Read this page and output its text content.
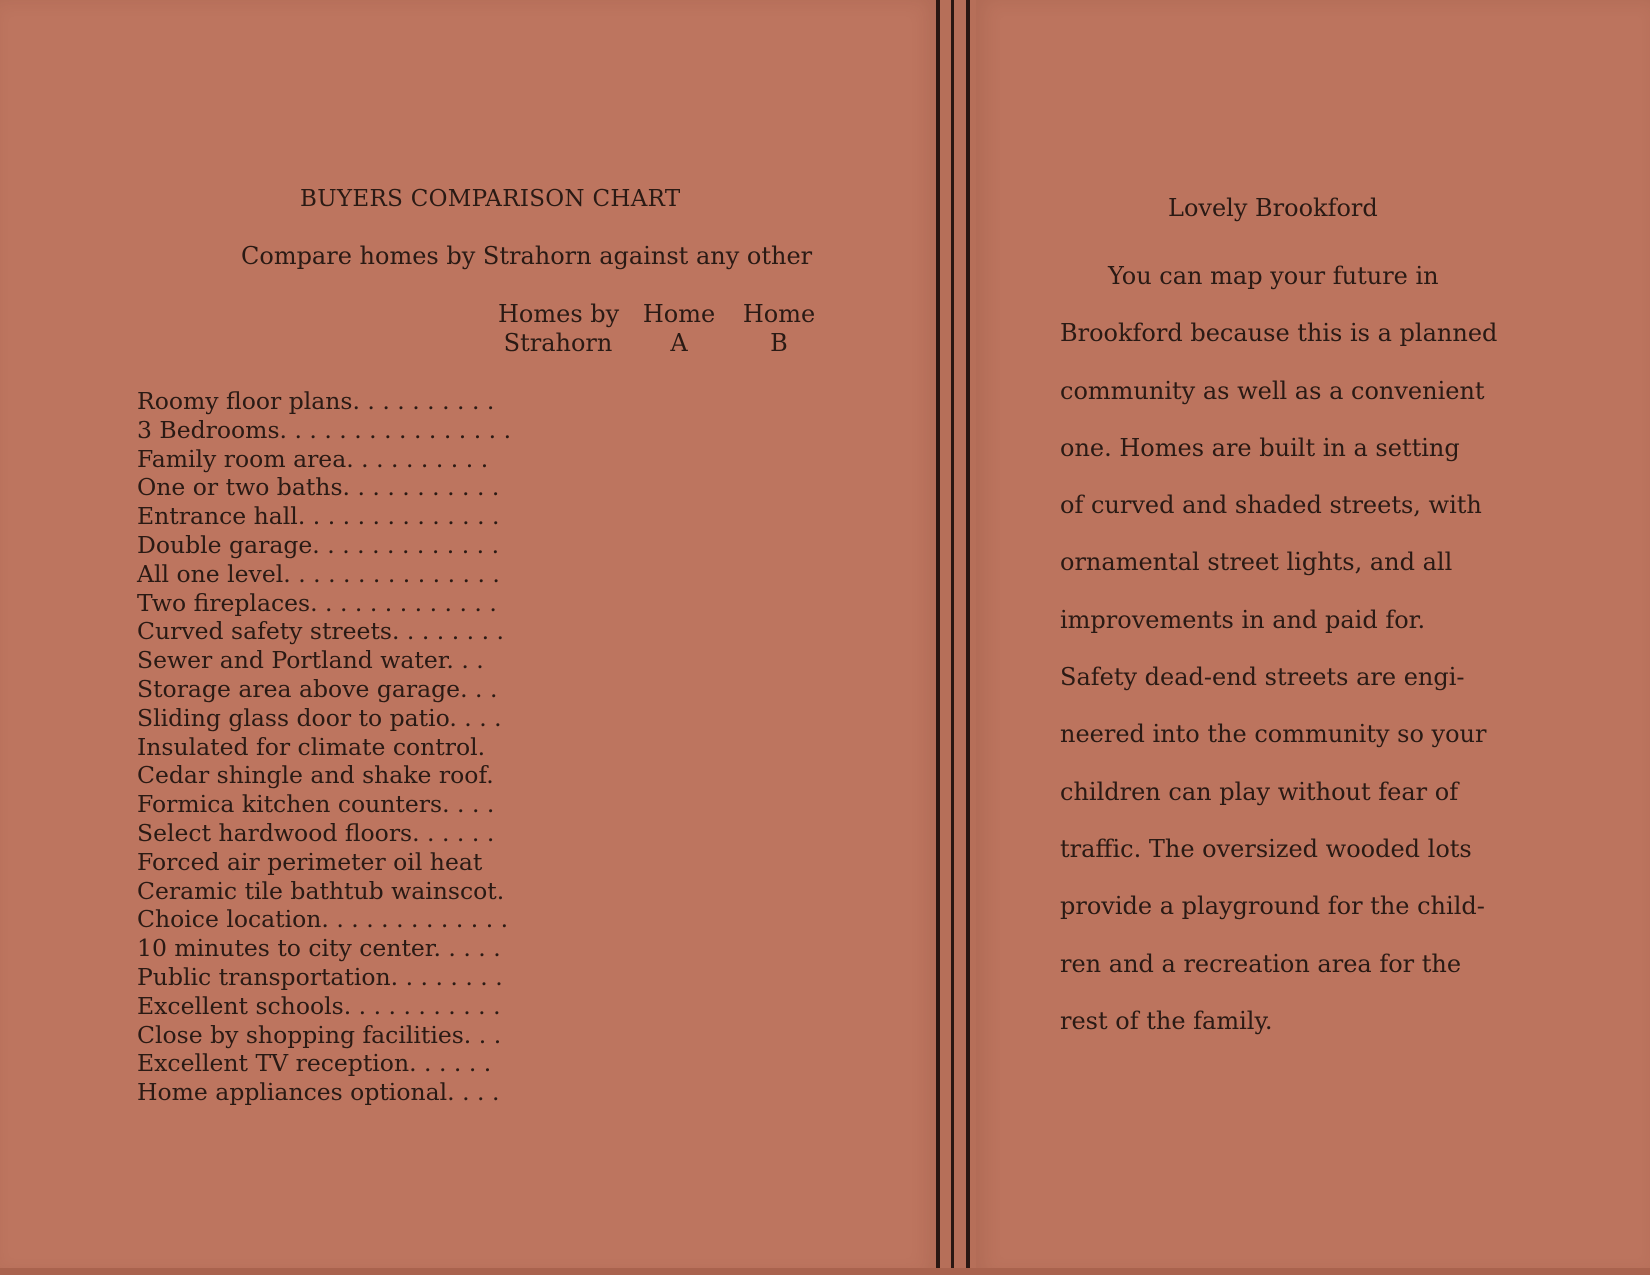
BUYERS COMPARISON CHART
Compare homes by Strahorn against any other
Homes by
Strahorn
Home
A
Home
B
Roomy floor plans. . . . . . . . . .
3 Bedrooms. . . . . . . . . . . . . . . .
Family room area. . . . . . . . . .
One or two baths. . . . . . . . . . .
Entrance hall. . . . . . . . . . . . . .
Double garage. . . . . . . . . . . . .
All one level. . . . . . . . . . . . . . .
Two fireplaces. . . . . . . . . . . . .
Curved safety streets. . . . . . . .
Sewer and Portland water. . .
Storage area above garage. . .
Sliding glass door to patio. . . .
Insulated for climate control.
Cedar shingle and shake roof.
Formica kitchen counters. . . .
Select hardwood floors. . . . . .
Forced air perimeter oil heat
Ceramic tile bathtub wainscot.
Choice location. . . . . . . . . . . . .
10 minutes to city center. . . . .
Public transportation. . . . . . . .
Excellent schools. . . . . . . . . . .
Close by shopping facilities. . .
Excellent TV reception. . . . . .
Home appliances optional. . . .
Lovely Brookford
You can map your future in
Brookford because this is a planned
community as well as a convenient
one. Homes are built in a setting
of curved and shaded streets, with
ornamental street lights, and all
improvements in and paid for.
Safety dead-end streets are engi-
neered into the community so your
children can play without fear of
traffic. The oversized wooded lots
provide a playground for the child-
ren and a recreation area for the
rest of the family.
